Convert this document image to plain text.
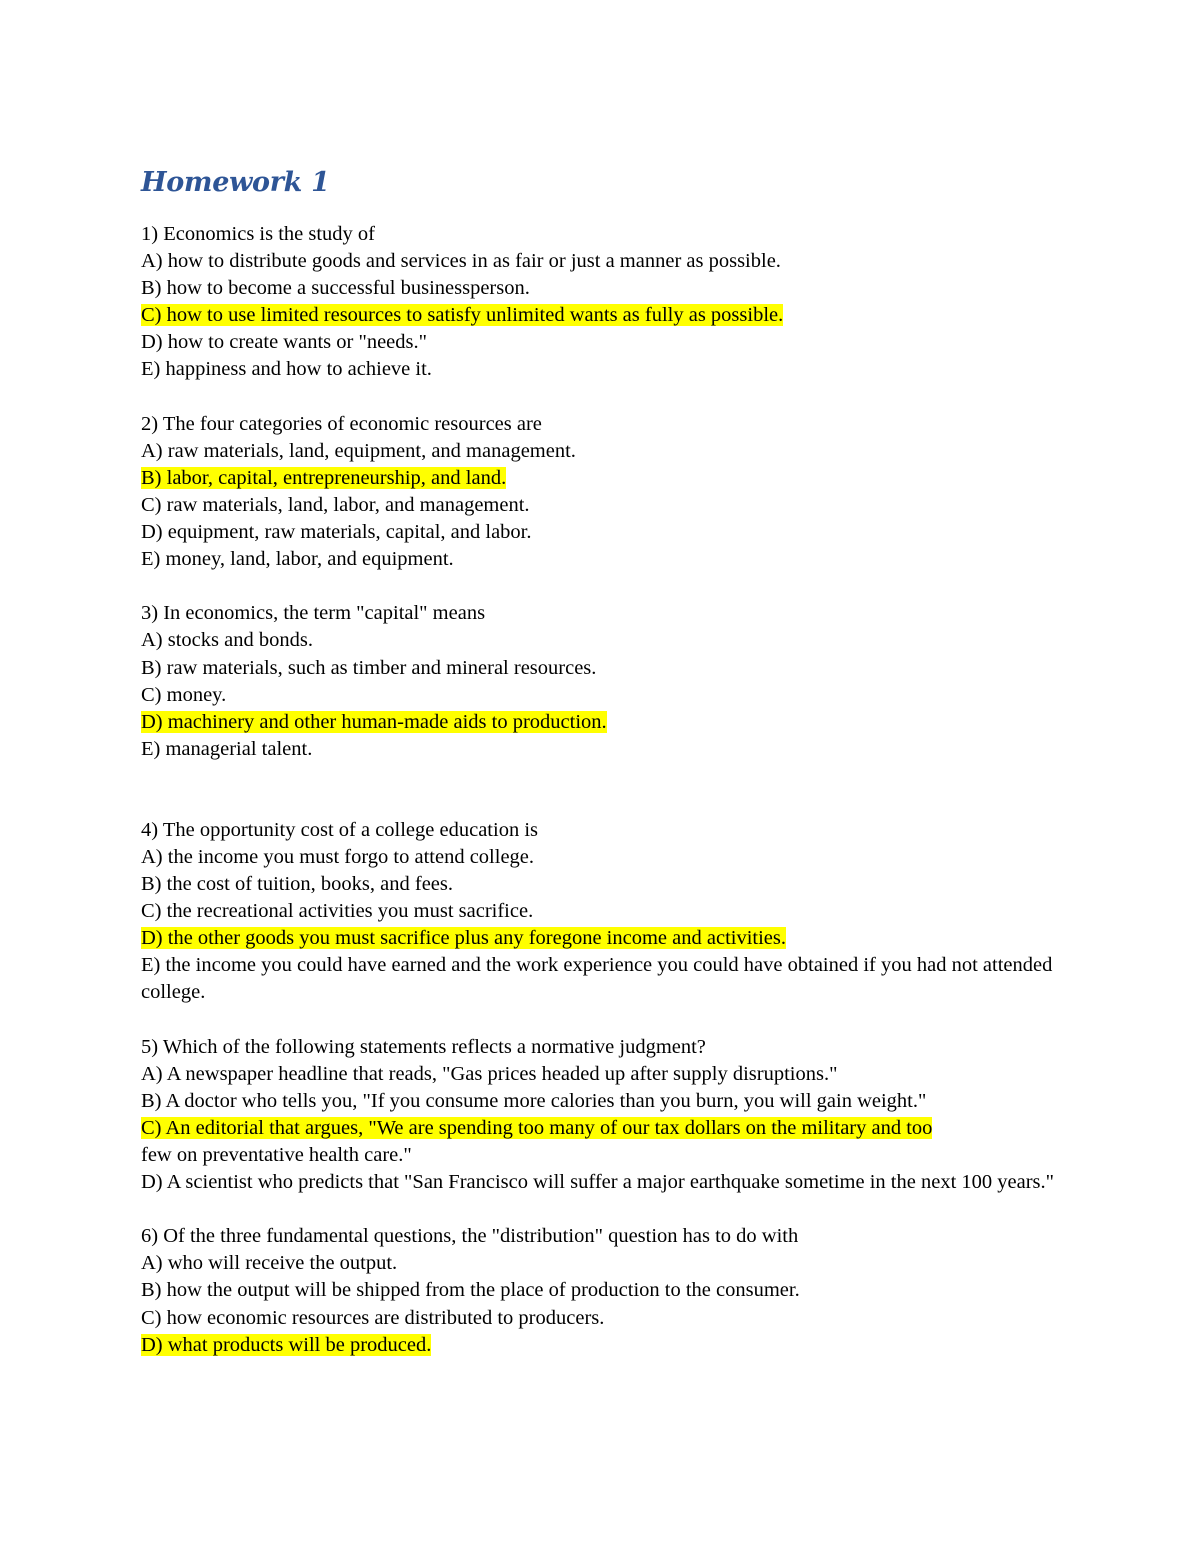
Homework 1

1) Economics is the study of

A) how to distribute goods and services in as fair or just a manner as possible.

B) how to become a successful businessperson.

C) how to use limited resources to satisfy unlimited wants as fully as possible.

D) how to create wants or "needs."

E) happiness and how to achieve it.

2) The four categories of economic resources are

A) raw materials, land, equipment, and management.

B) labor, capital, entrepreneurship, and land.

C) raw materials, land, labor, and management.

D) equipment, raw materials, capital, and labor.

E) money, land, labor, and equipment.

3) In economics, the term "capital" means

A) stocks and bonds.

B) raw materials, such as timber and mineral resources.

C) money.

D) machinery and other human-made aids to production.

E) managerial talent.

4) The opportunity cost of a college education is

A) the income you must forgo to attend college.

B) the cost of tuition, books, and fees.

C) the recreational activities you must sacrifice.

D) the other goods you must sacrifice plus any foregone income and activities.

E) the income you could have earned and the work experience you could have obtained if you had not attended college.

5) Which of the following statements reflects a normative judgment?

A) A newspaper headline that reads, "Gas prices headed up after supply disruptions."

B) A doctor who tells you, "If you consume more calories than you burn, you will gain weight."

C) An editorial that argues, "We are spending too many of our tax dollars on the military and too

few on preventative health care."

D) A scientist who predicts that "San Francisco will suffer a major earthquake sometime in the next 100 years."

6) Of the three fundamental questions, the "distribution" question has to do with

A) who will receive the output.

B) how the output will be shipped from the place of production to the consumer.

C) how economic resources are distributed to producers.

D) what products will be produced.
